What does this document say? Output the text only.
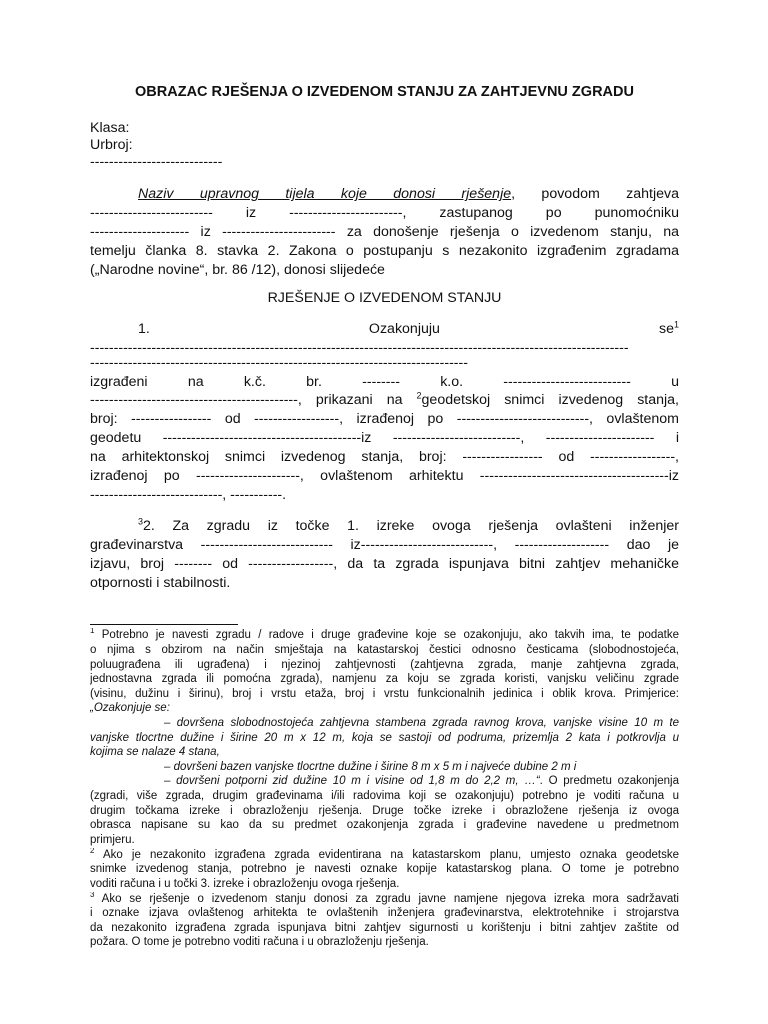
OBRAZAC RJEŠENJA O IZVEDENOM STANJU ZA ZAHTJEVNU ZGRADU
Klasa:
Urbroj:
----------------------------
Naziv upravnog tijela koje donosi rješenje, povodom zahtjeva
-------------------------- iz ------------------------, zastupanog po punomoćniku
--------------------- iz ------------------------ za donošenje rješenja o izvedenom stanju, na
temelju članka 8. stavka 2. Zakona o postupanju s nezakonito izgrađenim zgradama
(„Narodne novine“, br. 86 /12), donosi slijedeće
RJEŠENJE O IZVEDENOM STANJU
1.	Ozakonjuju	$se^1$
------------------------------------------------------------------------------------------------------------------
--------------------------------------------------------------------------------
izgrađeni na k.č. br. -------- k.o. --------------------------- u
--------------------------------------------, prikazani na $^2$geodetskoj snimci izvedenog stanja,
broj: ----------------- od ------------------, izrađenoj po ----------------------------, ovlaštenom
geodetu ------------------------------------------iz ---------------------------, ----------------------- i
na arhitektonskoj snimci izvedenog stanja, broj: ----------------- od ------------------,
izrađenoj po ----------------------, ovlaštenom arhitektu ----------------------------------------iz
----------------------------, -----------.
$^3$2. Za zgradu iz točke 1. izreke ovoga rješenja ovlašteni inženjer
građevinarstva ---------------------------- iz----------------------------, -------------------- dao je
izjavu, broj -------- od ------------------, da ta zgrada ispunjava bitni zahtjev mehaničke
otpornosti i stabilnosti.
$^1$ Potrebno je navesti zgradu / radove i druge građevine koje se ozakonjuju, ako takvih ima, te podatke
o njima s obzirom na način smještaja na katastarskoj čestici odnosno česticama (slobodnostojeća,
poluugrađena ili ugrađena) i njezinoj zahtjevnosti (zahtjevna zgrada, manje zahtjevna zgrada,
jednostavna zgrada ili pomoćna zgrada), namjenu za koju se zgrada koristi, vanjsku veličinu zgrade
(visinu, dužinu i širinu), broj i vrstu etaža, broj i vrstu funkcionalnih jedinica i oblik krova. Primjerice:
„Ozakonjuje se:
– dovršena slobodnostojeća zahtjevna stambena zgrada ravnog krova, vanjske visine 10 m te
vanjske tlocrtne dužine i širine 20 m x 12 m, koja se sastoji od podruma, prizemlja 2 kata i potkrovlja u
kojima se nalaze 4 stana,
– dovršeni bazen vanjske tlocrtne dužine i širine 8 m x 5 m i najveće dubine 2 m i
– dovršeni potporni zid dužine 10 m i visine od 1,8 m do 2,2 m, …“. O predmetu ozakonjenja
(zgradi, više zgrada, drugim građevinama i/ili radovima koji se ozakonjuju) potrebno je voditi računa u
drugim točkama izreke i obrazloženju rješenja. Druge točke izreke i obrazložene rješenja iz ovoga
obrasca napisane su kao da su predmet ozakonjenja zgrada i građevine navedene u predmetnom
primjeru.
$^2$ Ako je nezakonito izgrađena zgrada evidentirana na katastarskom planu, umjesto oznaka geodetske
snimke izvedenog stanja, potrebno je navesti oznake kopije katastarskog plana. O tome je potrebno
voditi računa i u točki 3. izreke i obrazloženju ovoga rješenja.
$^3$ Ako se rješenje o izvedenom stanju donosi za zgradu javne namjene njegova izreka mora sadržavati
i oznake izjava ovlaštenog arhitekta te ovlaštenih inženjera građevinarstva, elektrotehnike i strojarstva
da nezakonito izgrađena zgrada ispunjava bitni zahtjev sigurnosti u korištenju i bitni zahtjev zaštite od
požara. O tome je potrebno voditi računa i u obrazloženju rješenja.
